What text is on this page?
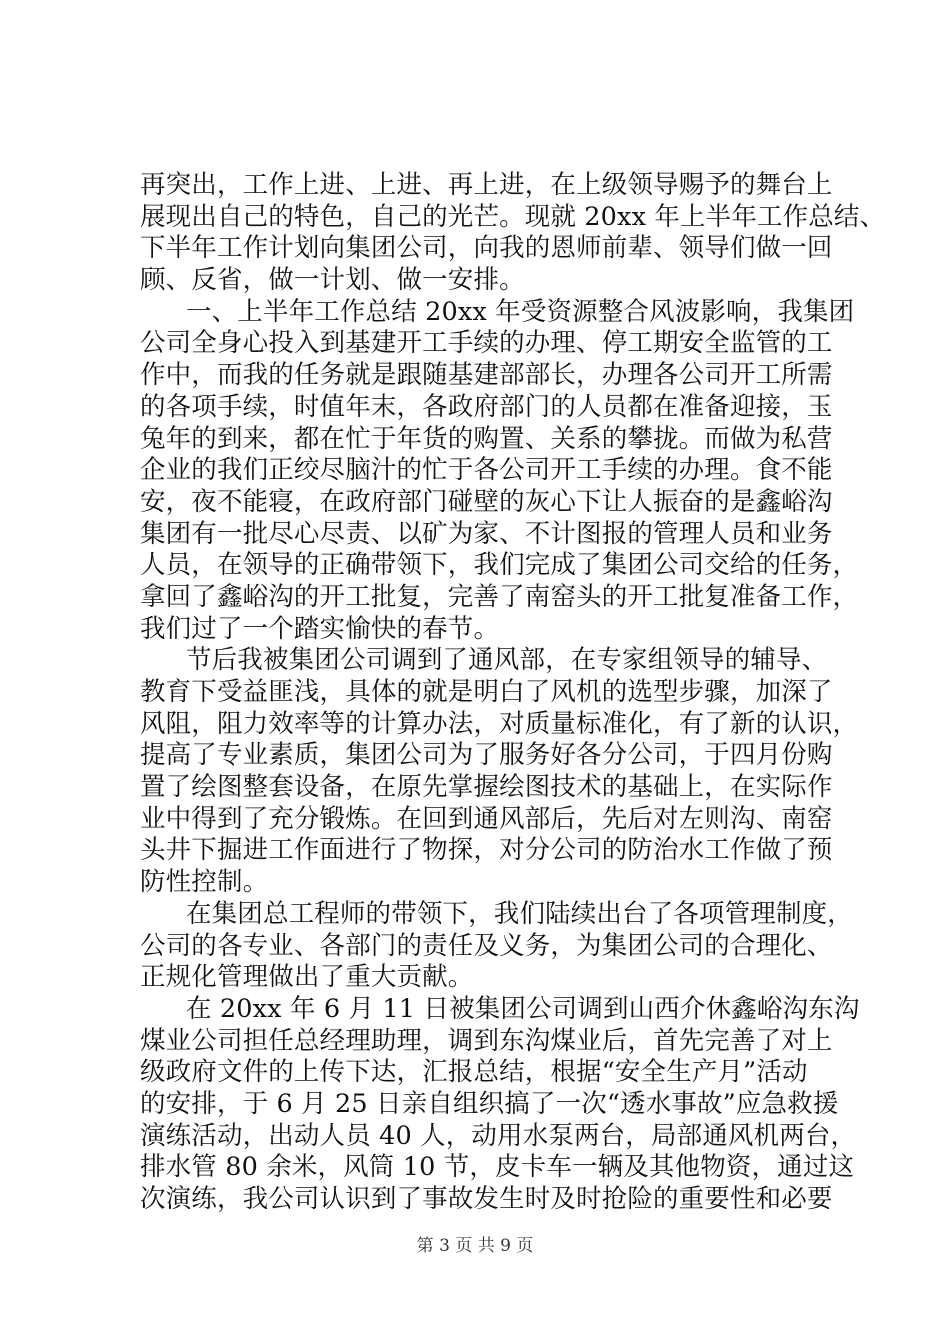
再突出，工作上进、上进、再上进，在上级领导赐予的舞台上
展现出自己的特色，自己的光芒。现就 20xx 年上半年工作总结、
下半年工作计划向集团公司，向我的恩师前辈、领导们做一回
顾、反省，做一计划、做一安排。
一、上半年工作总结 20xx 年受资源整合风波影响，我集团
公司全身心投入到基建开工手续的办理、停工期安全监管的工
作中，而我的任务就是跟随基建部部长，办理各公司开工所需
的各项手续，时值年末，各政府部门的人员都在准备迎接，玉
兔年的到来，都在忙于年货的购置、关系的攀拢。而做为私营
企业的我们正绞尽脑汁的忙于各公司开工手续的办理。食不能
安，夜不能寝，在政府部门碰壁的灰心下让人振奋的是鑫峪沟
集团有一批尽心尽责、以矿为家、不计图报的管理人员和业务
人员，在领导的正确带领下，我们完成了集团公司交给的任务，
拿回了鑫峪沟的开工批复，完善了南窑头的开工批复准备工作，
我们过了一个踏实愉快的春节。
节后我被集团公司调到了通风部，在专家组领导的辅导、
教育下受益匪浅，具体的就是明白了风机的选型步骤，加深了
风阻，阻力效率等的计算办法，对质量标准化，有了新的认识，
提高了专业素质，集团公司为了服务好各分公司，于四月份购
置了绘图整套设备，在原先掌握绘图技术的基础上，在实际作
业中得到了充分锻炼。在回到通风部后，先后对左则沟、南窑
头井下掘进工作面进行了物探，对分公司的防治水工作做了预
防性控制。
在集团总工程师的带领下，我们陆续出台了各项管理制度，
公司的各专业、各部门的责任及义务，为集团公司的合理化、
正规化管理做出了重大贡献。
在 20xx 年 6 月 11 日被集团公司调到山西介休鑫峪沟东沟
煤业公司担任总经理助理，调到东沟煤业后，首先完善了对上
级政府文件的上传下达，汇报总结，根据“安全生产月”活动
的安排，于 6 月 25 日亲自组织搞了一次“透水事故”应急救援
演练活动，出动人员 40 人，动用水泵两台，局部通风机两台，
排水管 80 余米，风筒 10 节，皮卡车一辆及其他物资，通过这
次演练，我公司认识到了事故发生时及时抢险的重要性和必要
第 3 页 共 9 页
